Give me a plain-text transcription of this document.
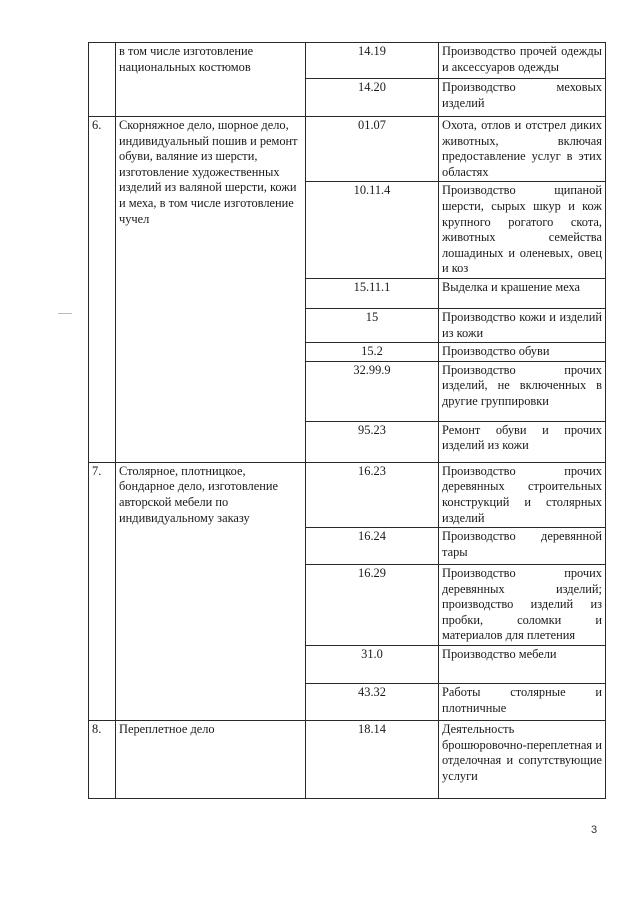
	в том числе изготовление национальных костюмов	14.19	Производство прочей одежды и аксессуаров одежды
		14.20	Производство меховых изделий
6.	Скорняжное дело, шорное дело, индивидуальный пошив и ремонт обуви, валяние из шерсти, изготовление художественных изделий из валяной шерсти, кожи и меха, в том числе изготовление чучел	01.07	Охота, отлов и отстрел диких животных, включая предоставление услуг в этих областях
		10.11.4	Производство щипаной шерсти, сырых шкур и кож крупного рогатого скота, животных семейства лошадиных и оленевых, овец и коз
		15.11.1	Выделка и крашение меха
		15	Производство кожи и изделий из кожи
		15.2	Производство обуви
		32.99.9	Производство прочих изделий, не включенных в другие группировки
		95.23	Ремонт обуви и прочих изделий из кожи
7.	Столярное, плотницкое, бондарное дело, изготовление авторской мебели по индивидуальному заказу	16.23	Производство прочих деревянных строительных конструкций и столярных изделий
		16.24	Производство деревянной тары
		16.29	Производство прочих деревянных изделий; производство изделий из пробки, соломки и материалов для плетения
		31.0	Производство мебели
		43.32	Работы столярные и плотничные
8.	Переплетное дело	18.14	Деятельность брошюровочно-переплетная и отделочная и сопутствующие услуги
3
